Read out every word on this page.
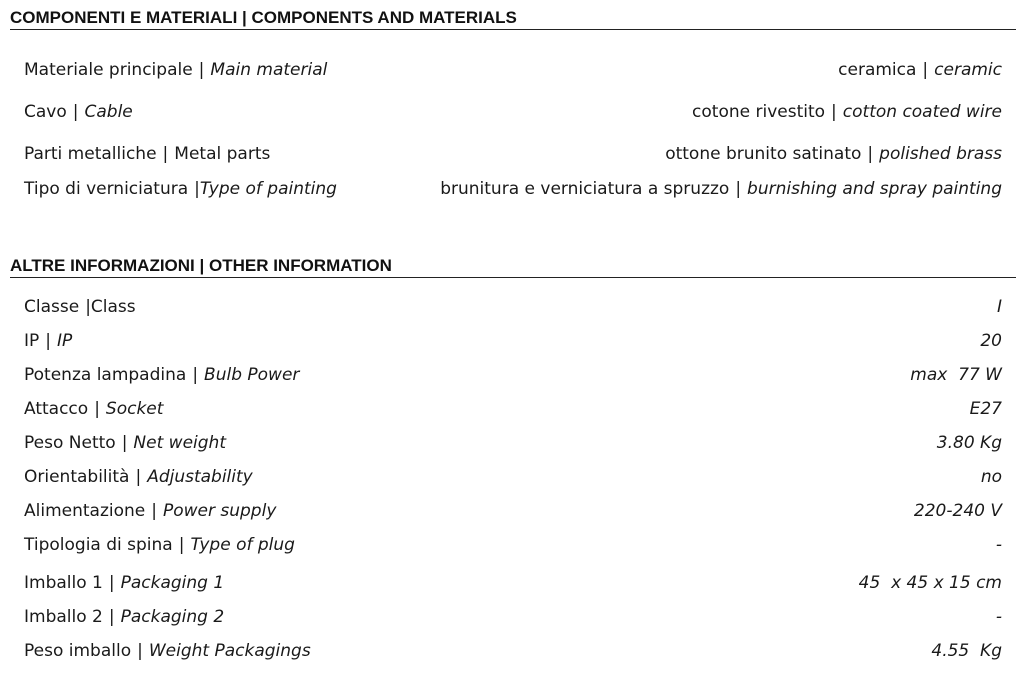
COMPONENTI E MATERIALI | COMPONENTS AND MATERIALS
Materiale principale | Main material	ceramica | ceramic
Cavo | Cable	cotone rivestito | cotton coated wire
Parti metalliche | Metal parts	ottone brunito satinato | polished brass
Tipo di verniciatura |Type of painting	brunitura e verniciatura a spruzzo | burnishing and spray painting
ALTRE INFORMAZIONI | OTHER INFORMATION
Classe |Class	I
IP | IP	20
Potenza lampadina | Bulb Power	max  77 W
Attacco | Socket	E27
Peso Netto | Net weight	3.80 Kg
Orientabilità | Adjustability	no
Alimentazione | Power supply	220-240 V
Tipologia di spina | Type of plug	-
Imballo 1 | Packaging 1	45  x 45 x 15 cm
Imballo 2 | Packaging 2	-
Peso imballo | Weight Packagings	4.55  Kg
